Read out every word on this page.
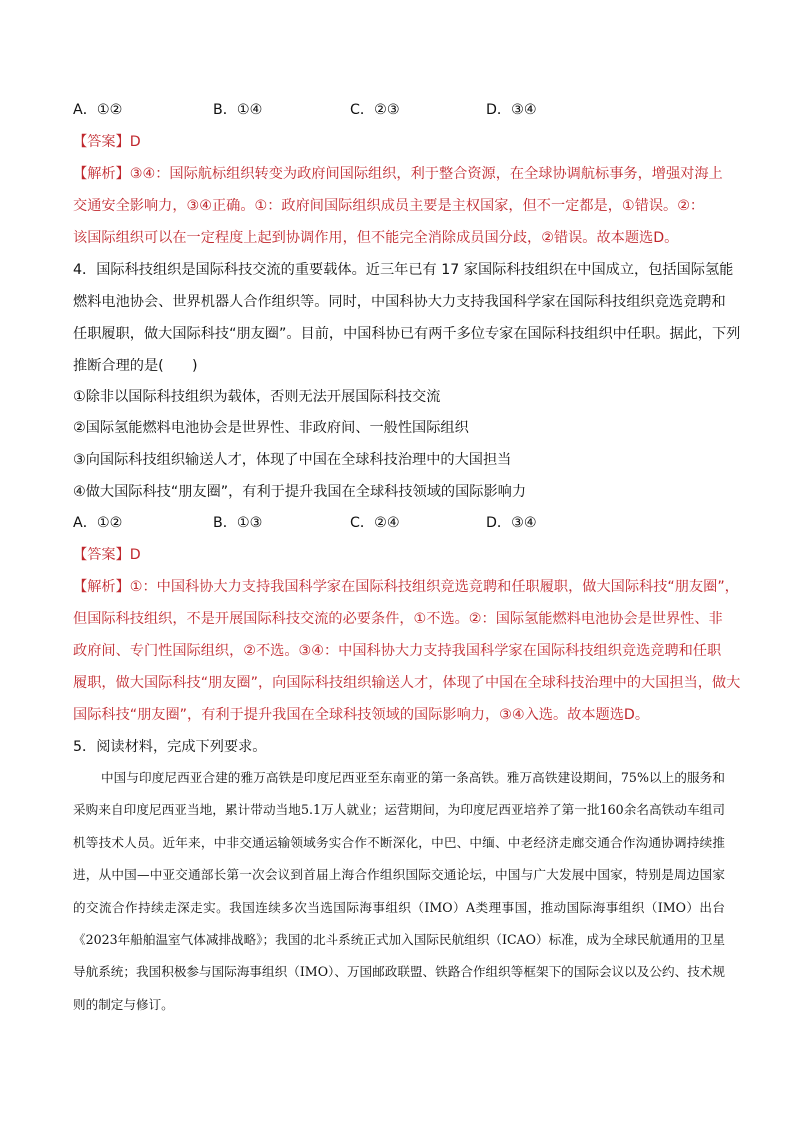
A．①②	B．①④	C．②③	D．③④
【答案】D
【解析】③④：国际航标组织转变为政府间国际组织，利于整合资源，在全球协调航标事务，增强对海上
交通安全影响力，③④正确。①：政府间国际组织成员主要是主权国家，但不一定都是，①错误。②：
该国际组织可以在一定程度上起到协调作用，但不能完全消除成员国分歧，②错误。故本题选D。
4．国际科技组织是国际科技交流的重要载体。近三年已有 17 家国际科技组织在中国成立，包括国际氢能
燃料电池协会、世界机器人合作组织等。同时，中国科协大力支持我国科学家在国际科技组织竞选竞聘和
任职履职，做大国际科技“朋友圈”。目前，中国科协已有两千多位专家在国际科技组织中任职。据此，下列
推断合理的是(　　)
①除非以国际科技组织为载体，否则无法开展国际科技交流
②国际氢能燃料电池协会是世界性、非政府间、一般性国际组织
③向国际科技组织输送人才，体现了中国在全球科技治理中的大国担当
④做大国际科技“朋友圈”，有利于提升我国在全球科技领域的国际影响力
A．①②	B．①③	C．②④	D．③④
【答案】D
【解析】①：中国科协大力支持我国科学家在国际科技组织竞选竞聘和任职履职，做大国际科技“朋友圈”，
但国际科技组织，不是开展国际科技交流的必要条件，①不选。②：国际氢能燃料电池协会是世界性、非
政府间、专门性国际组织，②不选。③④：中国科协大力支持我国科学家在国际科技组织竞选竞聘和任职
履职，做大国际科技“朋友圈”，向国际科技组织输送人才，体现了中国在全球科技治理中的大国担当，做大
国际科技“朋友圈”，有利于提升我国在全球科技领域的国际影响力，③④入选。故本题选D。
5．阅读材料，完成下列要求。

中国与印度尼西亚合建的雅万高铁是印度尼西亚至东南亚的第一条高铁。雅万高铁建设期间，75%以上的服务和采购来自印度尼西亚当地，累计带动当地5.1万人就业；运营期间，为印度尼西亚培养了第一批160余名高铁动车组司机等技术人员。近年来，中非交通运输领域务实合作不断深化，中巴、中缅、中老经济走廊交通合作沟通协调持续推进，从中国—中亚交通部长第一次会议到首届上海合作组织国际交通论坛，中国与广大发展中国家，特别是周边国家的交流合作持续走深走实。我国连续多次当选国际海事组织（IMO）A类理事国，推动国际海事组织（IMO）出台《2023年船舶温室气体减排战略》；我国的北斗系统正式加入国际民航组织（ICAO）标准，成为全球民航通用的卫星导航系统；我国积极参与国际海事组织（IMO）、万国邮政联盟、铁路合作组织等框架下的国际会议以及公约、技术规则的制定与修订。
